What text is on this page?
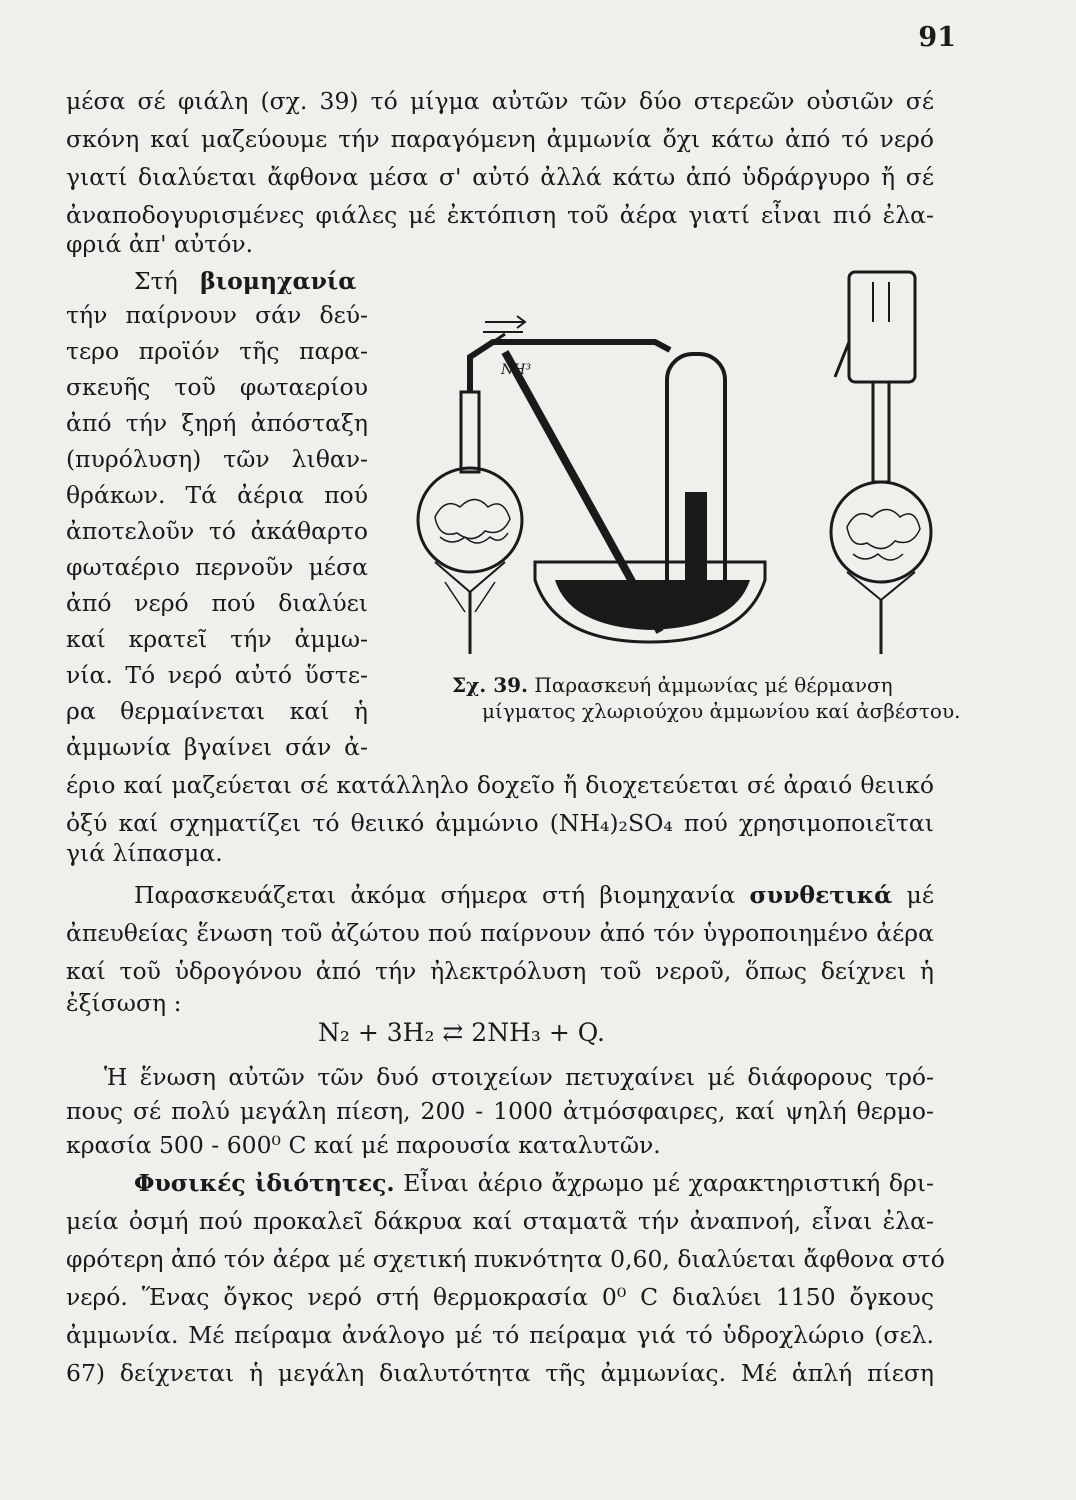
91
μέσα σέ φιάλη (σχ. 39) τό μίγμα αὐτῶν τῶν δύο στερεῶν οὐσιῶν σέ
σκόνη καί μαζεύουμε τήν παραγόμενη ἀμμωνία ὄχι κάτω ἀπό τό νερό
γιατί διαλύεται ἄφθονα μέσα σ' αὐτό ἀλλά κάτω ἀπό ὑδράργυρο ἤ σέ
ἀναποδογυρισμένες φιάλες μέ ἐκτόπιση τοῦ ἀέρα γιατί εἶναι πιό ἐλα-
φριά ἀπ' αὐτόν.
Στή βιομηχανία
τήν παίρνουν σάν δεύ-
τερο προϊόν τῆς παρα-
σκευῆς τοῦ φωταερίου
ἀπό τήν ξηρή ἀπόσταξη
(πυρόλυση) τῶν λιθαν-
θράκων. Τά ἀέρια πού
ἀποτελοῦν τό ἀκάθαρτο
φωταέριο περνοῦν μέσα
ἀπό νερό πού διαλύει
καί κρατεῖ τήν ἀμμω-
νία. Τό νερό αὐτό ὕστε-
ρα θερμαίνεται καί ἡ
ἀμμωνία βγαίνει σάν ἀ-
NH³
Σχ. 39. Παρασκευή ἀμμωνίας μέ θέρμανση
μίγματος χλωριούχου ἀμμωνίου καί ἀσβέστου.
έριο καί μαζεύεται σέ κατάλληλο δοχεῖο ἤ διοχετεύεται σέ ἀραιό θειικό
ὀξύ καί σχηματίζει τό θειικό ἀμμώνιο (NH₄)₂SO₄ πού χρησιμοποιεῖται
γιά λίπασμα.
Παρασκευάζεται ἀκόμα σήμερα στή βιομηχανία συνθετικά μέ
ἀπευθείας ἕνωση τοῦ ἀζώτου πού παίρνουν ἀπό τόν ὑγροποιημένο ἀέρα
καί τοῦ ὑδρογόνου ἀπό τήν ἠλεκτρόλυση τοῦ νεροῦ, ὅπως δείχνει ἡ
ἐξίσωση :
N₂ + 3H₂ ⇄ 2NH₃ + Q.
Ἡ ἕνωση αὐτῶν τῶν δυό στοιχείων πετυχαίνει μέ διάφορους τρό-
πους σέ πολύ μεγάλη πίεση, 200 - 1000 ἀτμόσφαιρες, καί ψηλή θερμο-
κρασία 500 - 600⁰ C καί μέ παρουσία καταλυτῶν.
Φυσικές ἰδιότητες. Εἶναι ἀέριο ἄχρωμο μέ χαρακτηριστική δρι-
μεία ὀσμή πού προκαλεῖ δάκρυα καί σταματᾶ τήν ἀναπνοή, εἶναι ἐλα-
φρότερη ἀπό τόν ἀέρα μέ σχετική πυκνότητα 0,60, διαλύεται ἄφθονα στό
νερό. Ἕνας ὄγκος νερό στή θερμοκρασία 0⁰ C διαλύει 1150 ὄγκους
ἀμμωνία. Μέ πείραμα ἀνάλογο μέ τό πείραμα γιά τό ὑδροχλώριο (σελ.
67) δείχνεται ἡ μεγάλη διαλυτότητα τῆς ἀμμωνίας. Μέ ἁπλή πίεση
